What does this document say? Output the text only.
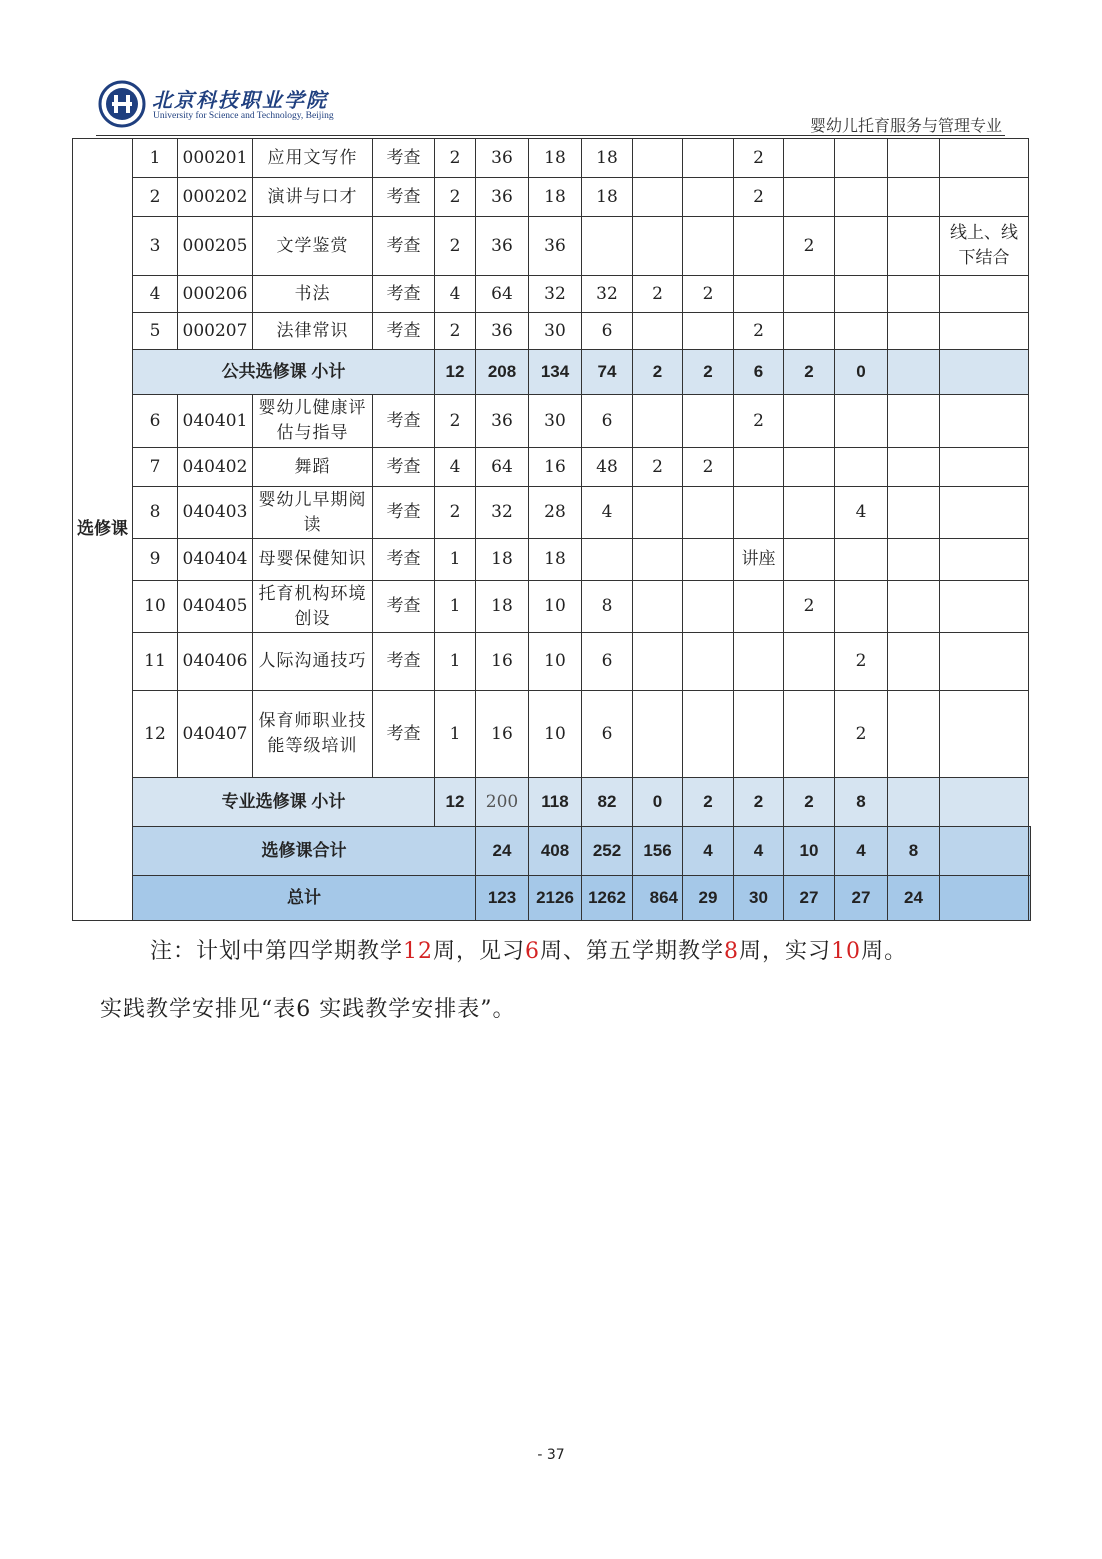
北京科技职业学院
University for Science and Technology, Beijing	婴幼儿托育服务与管理专业
选修课	1	000201	应用文写作	考查	2	36	18	18			2					
	2	000202	演讲与口才	考查	2	36	18	18			2					
	3	000205	文学鉴赏	考查	2	36	36					2			线上、线下结合	
	4	000206	书法	考查	4	64	32	32	2	2						
	5	000207	法律常识	考查	2	36	30	6			2					
	公共选修课 小计				12	208	134	74	2	2	6	2	0			
	6	040401	婴幼儿健康评估与指导	考查	2	36	30	6			2					
	7	040402	舞蹈	考查	4	64	16	48	2	2						
	8	040403	婴幼儿早期阅读	考查	2	32	28	4					4			
	9	040404	母婴保健知识	考查	1	18	18				讲座					
	10	040405	托育机构环境创设	考查	1	18	10	8				2				
	11	040406	人际沟通技巧	考查	1	16	10	6					2			
	12	040407	保育师职业技能等级培训	考查	1	16	10	6					2			
	专业选修课 小计				12	200	118	82	0	2	2	2	8			
	选修课合计					24	408	252	156	4	4	10	4	8		
	总计					123	2126	1262	864	29	30	27	27	24		
注：计划中第四学期教学12周，见习6周、第五学期教学8周，实习10周。
实践教学安排见“表6 实践教学安排表”。
- 37
